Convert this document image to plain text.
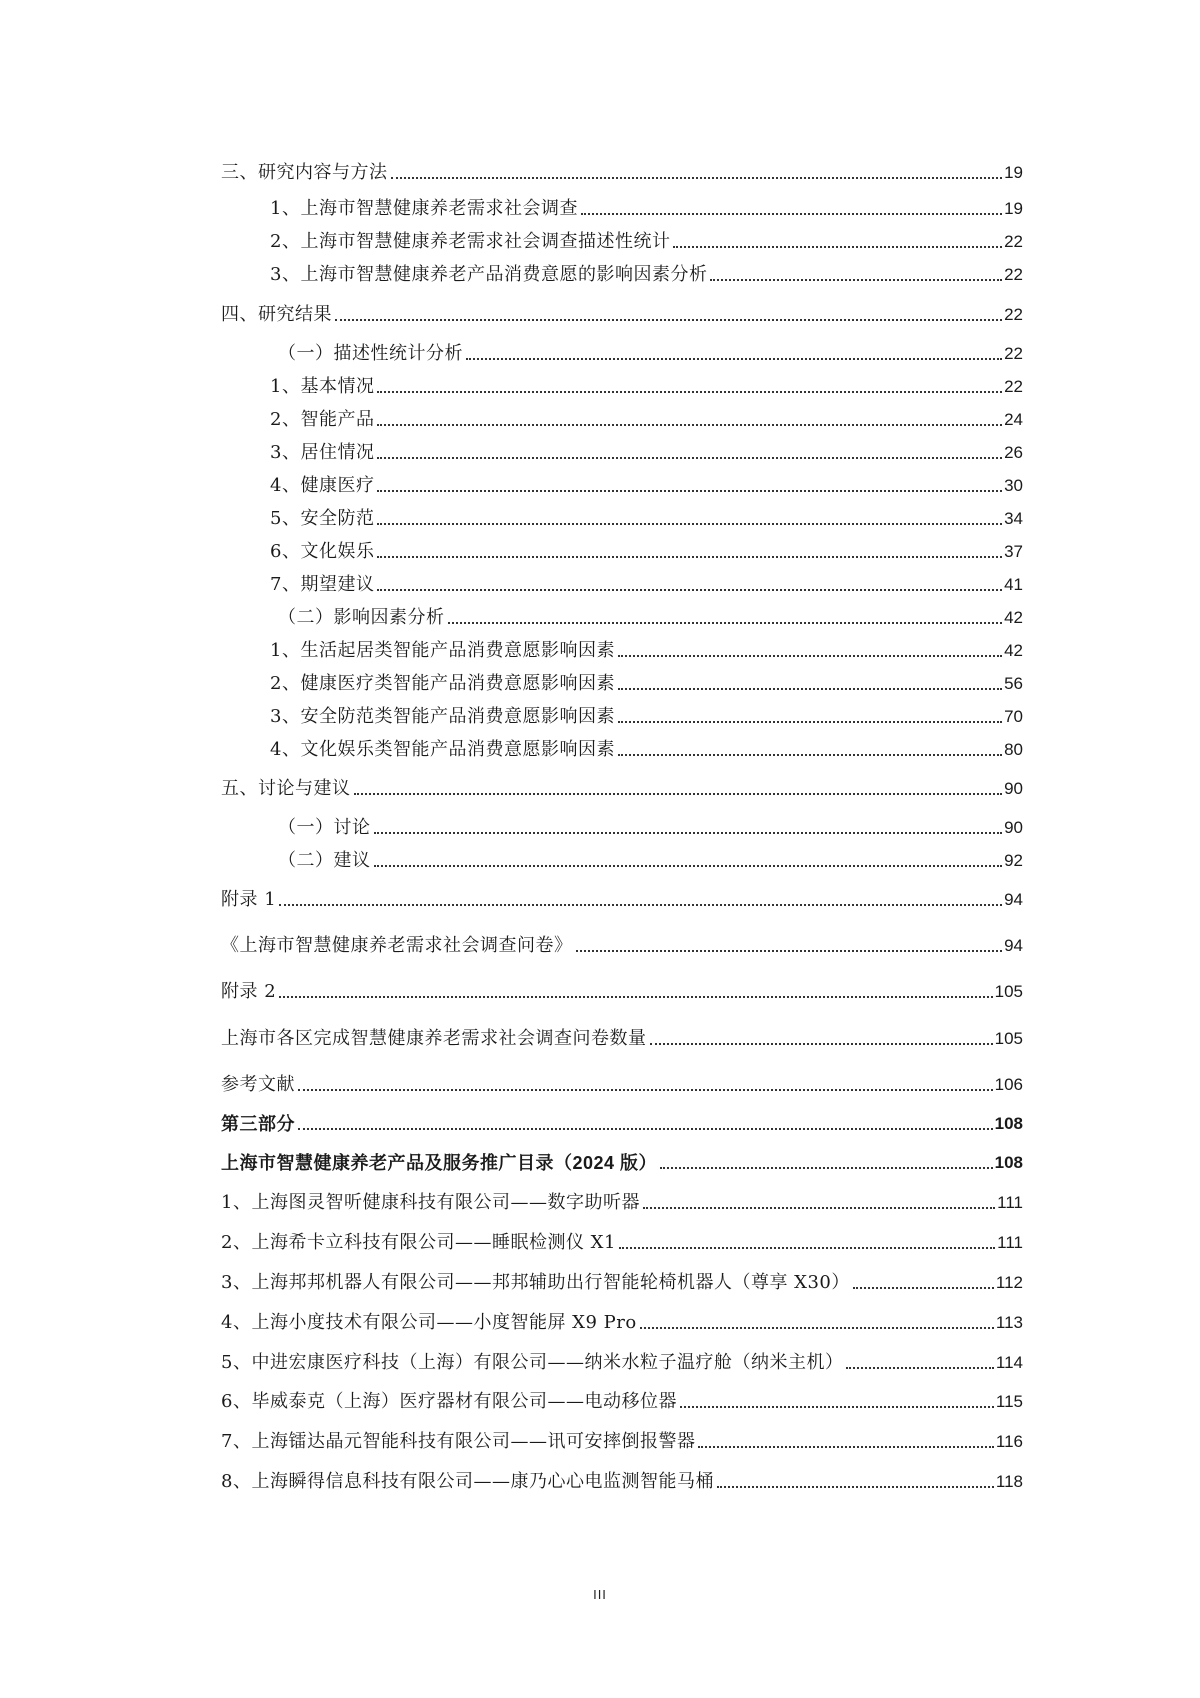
三、研究内容与方法	19
1、上海市智慧健康养老需求社会调查	19
2、上海市智慧健康养老需求社会调查描述性统计	22
3、上海市智慧健康养老产品消费意愿的影响因素分析	22
四、研究结果	22
（一）描述性统计分析	22
1、基本情况	22
2、智能产品	24
3、居住情况	26
4、健康医疗	30
5、安全防范	34
6、文化娱乐	37
7、期望建议	41
（二）影响因素分析	42
1、生活起居类智能产品消费意愿影响因素	42
2、健康医疗类智能产品消费意愿影响因素	56
3、安全防范类智能产品消费意愿影响因素	70
4、文化娱乐类智能产品消费意愿影响因素	80
五、讨论与建议	90
（一）讨论	90
（二）建议	92
附录 1	94
《上海市智慧健康养老需求社会调查问卷》	94
附录 2	105
上海市各区完成智慧健康养老需求社会调查问卷数量	105
参考文献	106
第三部分	108
上海市智慧健康养老产品及服务推广目录（2024 版）	108
1、上海图灵智听健康科技有限公司——数字助听器	111
2、上海希卡立科技有限公司——睡眠检测仪 X1	111
3、上海邦邦机器人有限公司——邦邦辅助出行智能轮椅机器人（尊享 X30）	112
4、上海小度技术有限公司——小度智能屏 X9 Pro	113
5、中进宏康医疗科技（上海）有限公司——纳米水粒子温疗舱（纳米主机）	114
6、毕威泰克（上海）医疗器材有限公司——电动移位器	115
7、上海镭达晶元智能科技有限公司——讯可安摔倒报警器	116
8、上海瞬得信息科技有限公司——康乃心心电监测智能马桶	118
III
